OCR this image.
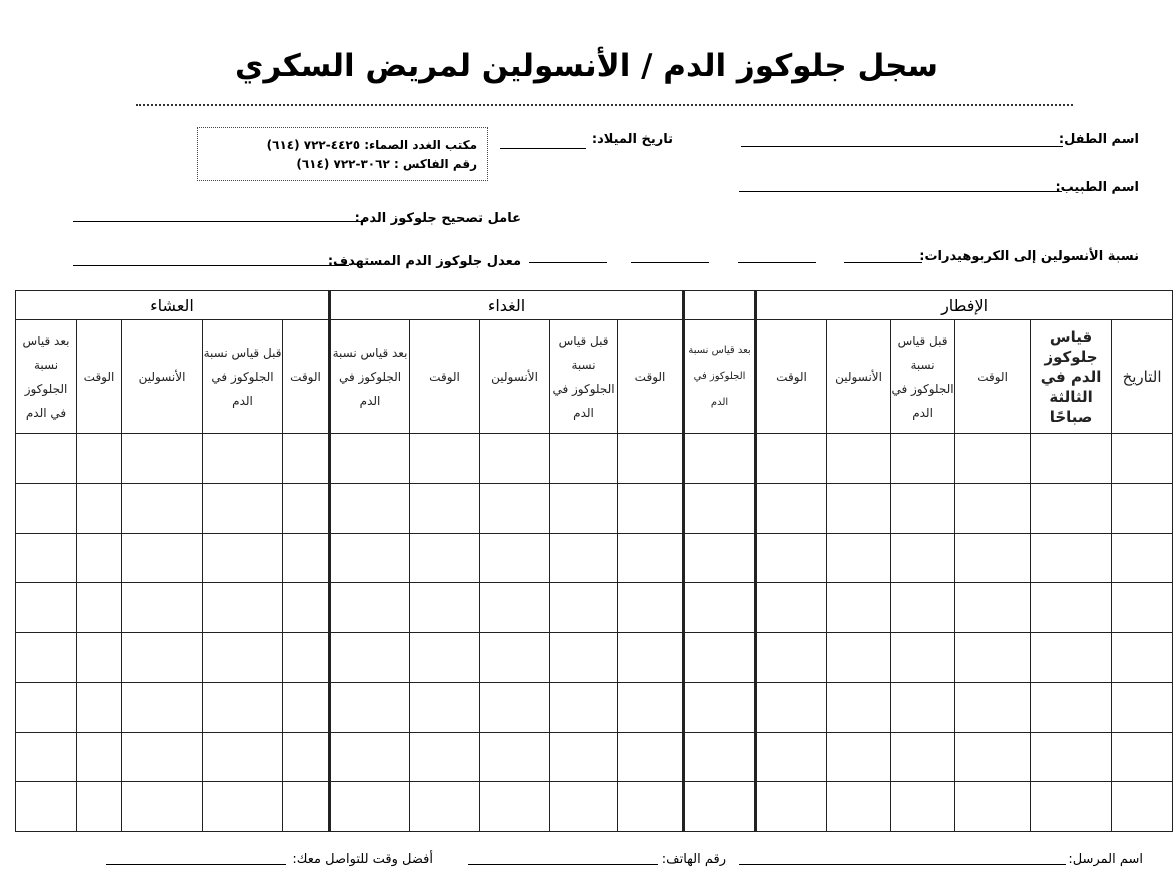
سجل جلوكوز الدم / الأنسولين لمريض السكري
اسم الطفل:
تاريخ الميلاد:
مكتب الغدد الصماء: ٤٤٢٥-٧٢٢ (٦١٤)
رقم الفاكس : ٣٠٦٢-٧٢٢ (٦١٤)
اسم الطبيب:
عامل تصحيح جلوكوز الدم:
نسبة الأنسولين إلى الكربوهيدرات:
معدل جلوكوز الدم المستهدف:
الإفطار							الغداء					العشاء				
التاريخ	قياس جلوكوز الدم في الثالثة صباحًا	الوقت	قبل قياس نسبة الجلوكوز في الدم	الأنسولين	الوقت	بعد قياس نسبة الجلوكوز في الدم	الوقت	قبل قياس نسبة الجلوكوز في الدم	الأنسولين	الوقت	بعد قياس نسبة الجلوكوز في الدم	الوقت	قبل قياس نسبة الجلوكوز في الدم	الأنسولين	الوقت	بعد قياس نسبة الجلوكوز في الدم

اسم المرسل:
رقم الهاتف:
أفضل وقت للتواصل معك:
